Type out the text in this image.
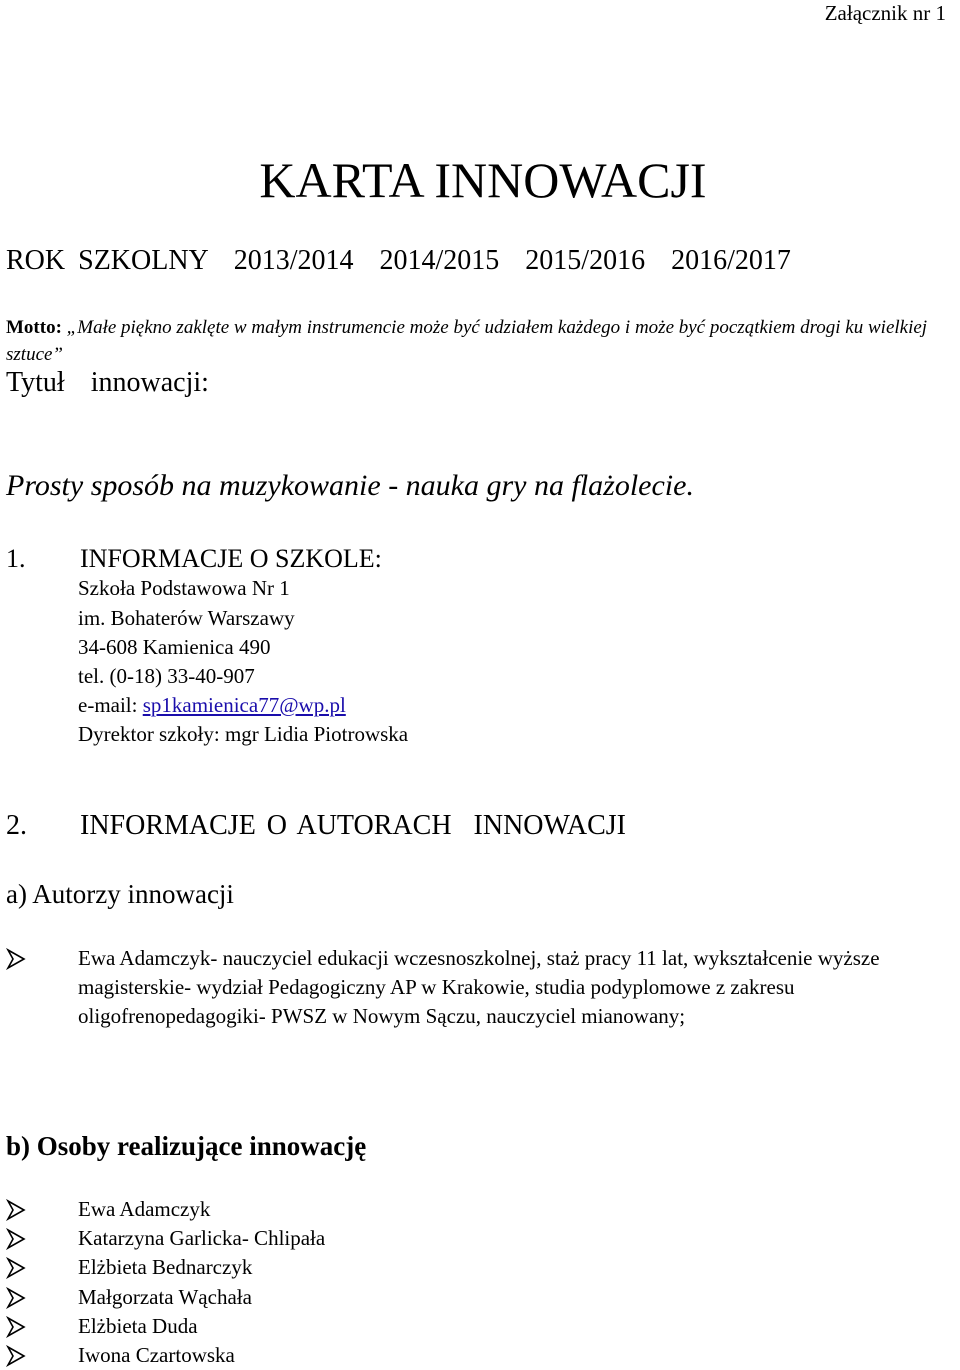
Załącznik nr 1
KARTA INNOWACJI
ROK SZKOLNY  2013/2014  2014/2015  2015/2016  2016/2017
Motto: „Małe piękno zaklęte w małym instrumencie może być udziałem każdego i może być początkiem drogi ku wielkiej sztuce”
Tytuł  innowacji:
Prosty sposób na muzykowanie - nauka gry na flażolecie.
1. INFORMACJE O SZKOLE:
Szkoła Podstawowa Nr 1
im. Bohaterów Warszawy
34-608 Kamienica 490
tel. (0-18) 33-40-907
e-mail: sp1kamienica77@wp.pl
Dyrektor szkoły: mgr Lidia Piotrowska
2. INFORMACJE O AUTORACH  INNOWACJI
a) Autorzy innowacji
Ewa Adamczyk- nauczyciel edukacji wczesnoszkolnej, staż pracy 11 lat, wykształcenie wyższe magisterskie- wydział Pedagogiczny AP w Krakowie, studia podyplomowe z zakresu oligofrenopedagogiki- PWSZ w Nowym Sączu, nauczyciel mianowany;
b) Osoby realizujące innowację
Ewa Adamczyk
Katarzyna Garlicka- Chlipała
Elżbieta Bednarczyk
Małgorzata Wąchała
Elżbieta Duda
Iwona Czartowska
